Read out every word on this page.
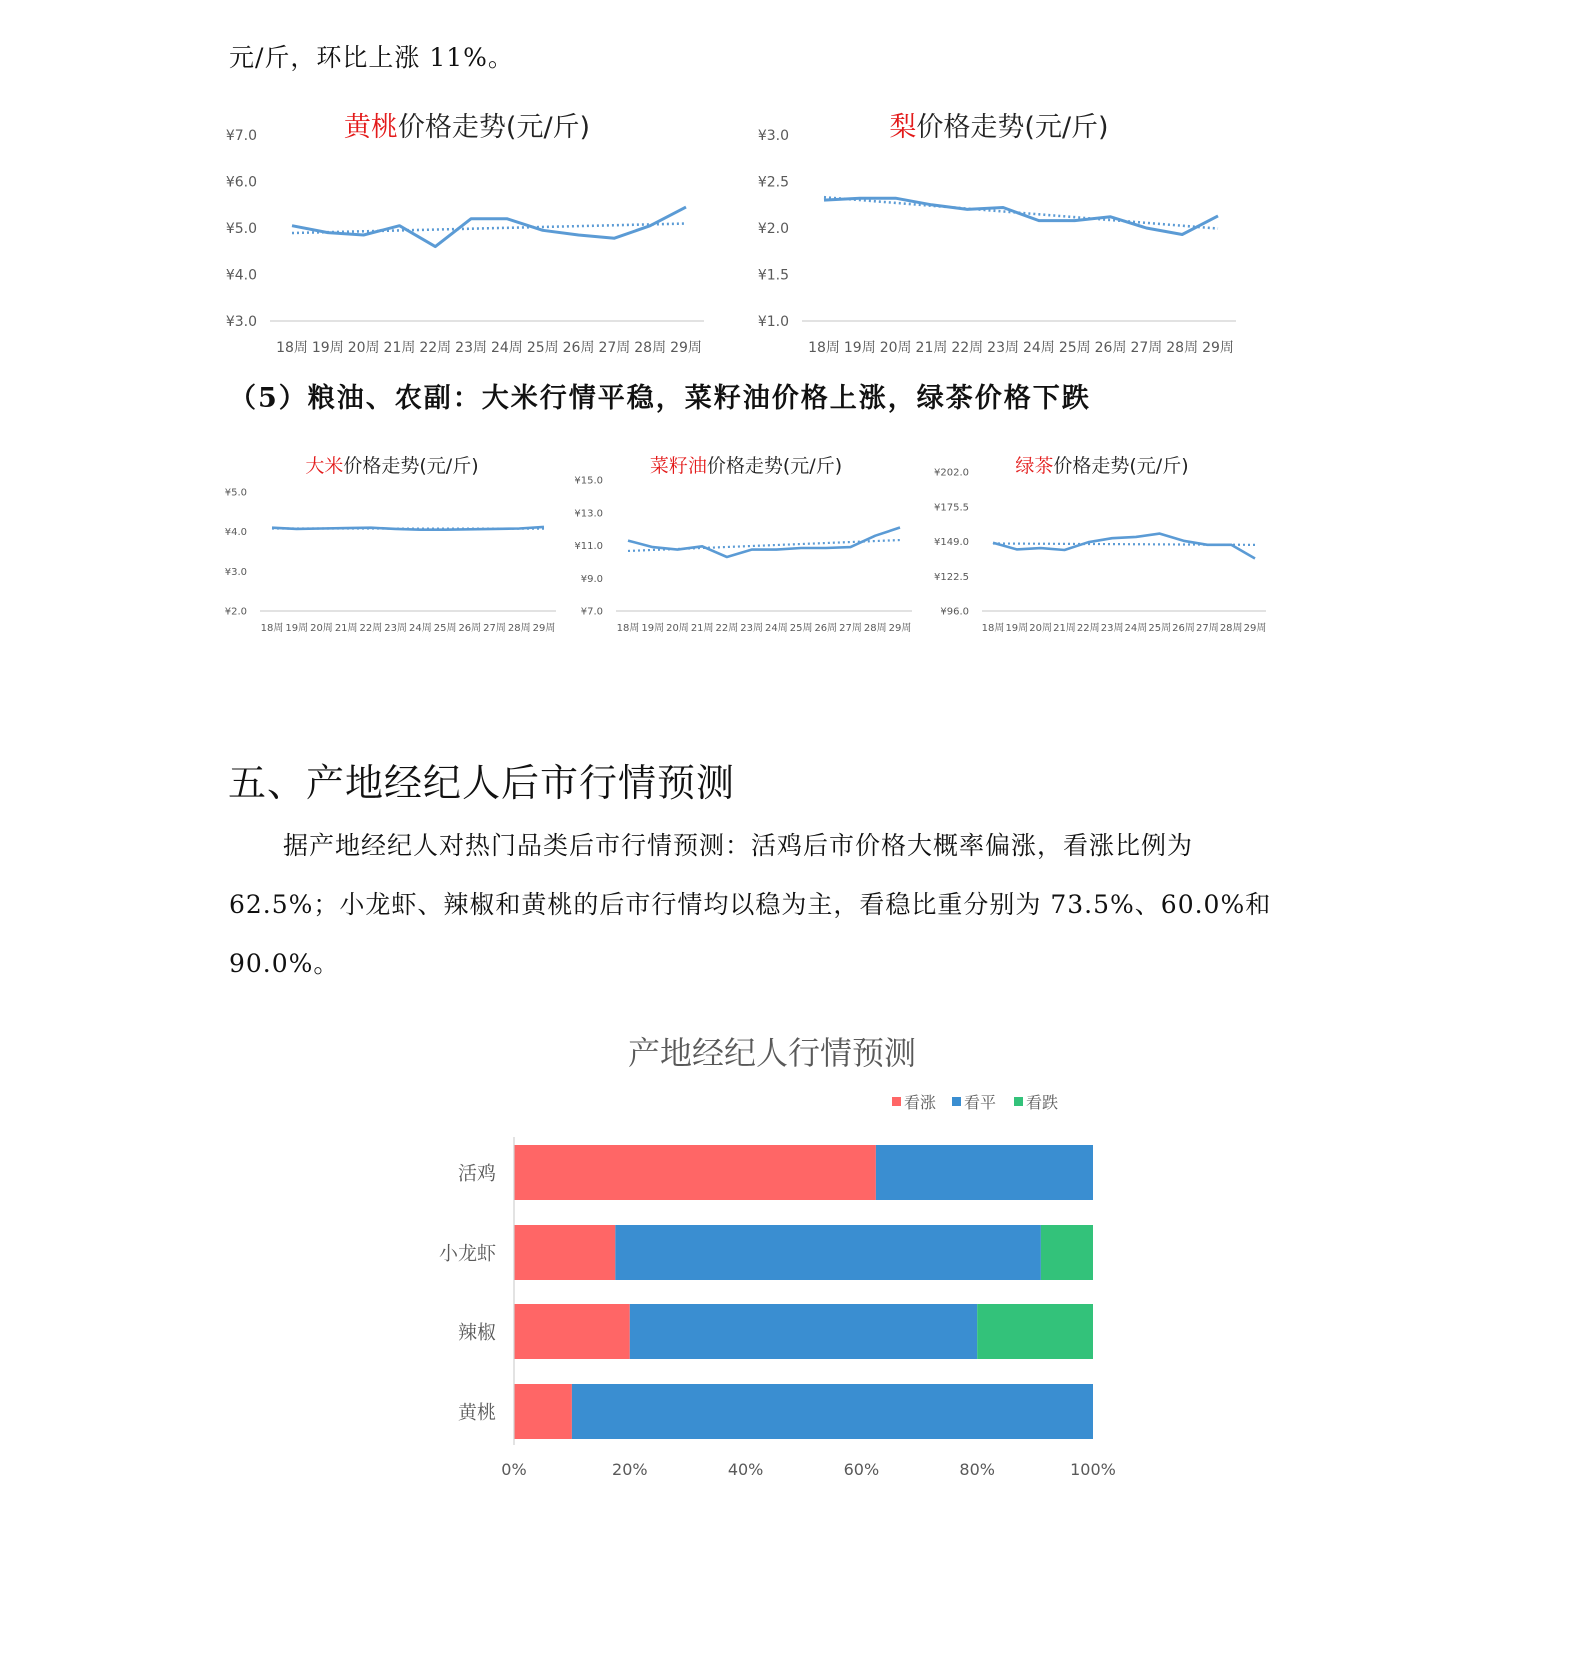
元/斤，环比上涨 11%。
黄桃价格走势(元/斤)
¥7.0
¥6.0
¥5.0
¥4.0
¥3.0
18周 19周 20周 21周 22周 23周 24周 25周 26周 27周 28周 29周
梨价格走势(元/斤)
¥3.0
¥2.5
¥2.0
¥1.5
¥1.0
18周 19周 20周 21周 22周 23周 24周 25周 26周 27周 28周 29周
（5）粮油、农副：大米行情平稳，菜籽油价格上涨，绿茶价格下跌
大米价格走势(元/斤)
¥5.0
¥4.0
¥3.0
¥2.0
18周 19周 20周 21周 22周 23周 24周 25周 26周 27周 28周 29周
菜籽油价格走势(元/斤)
¥15.0
¥13.0
¥11.0
¥9.0
¥7.0
18周 19周 20周 21周 22周 23周 24周 25周 26周 27周 28周 29周
绿茶价格走势(元/斤)
¥202.0
¥175.5
¥149.0
¥122.5
¥96.0
18周 19周 20周 21周 22周 23周 24周 25周 26周 27周 28周 29周
五、产地经纪人后市行情预测
据产地经纪人对热门品类后市行情预测：活鸡后市价格大概率偏涨，看涨比例为
62.5%；小龙虾、辣椒和黄桃的后市行情均以稳为主，看稳比重分别为 73.5%、60.0%和
90.0%。
产地经纪人行情预测
看涨 看平 看跌
活鸡
小龙虾
辣椒
黄桃
0%	20%	40%	60%	80%	100%
